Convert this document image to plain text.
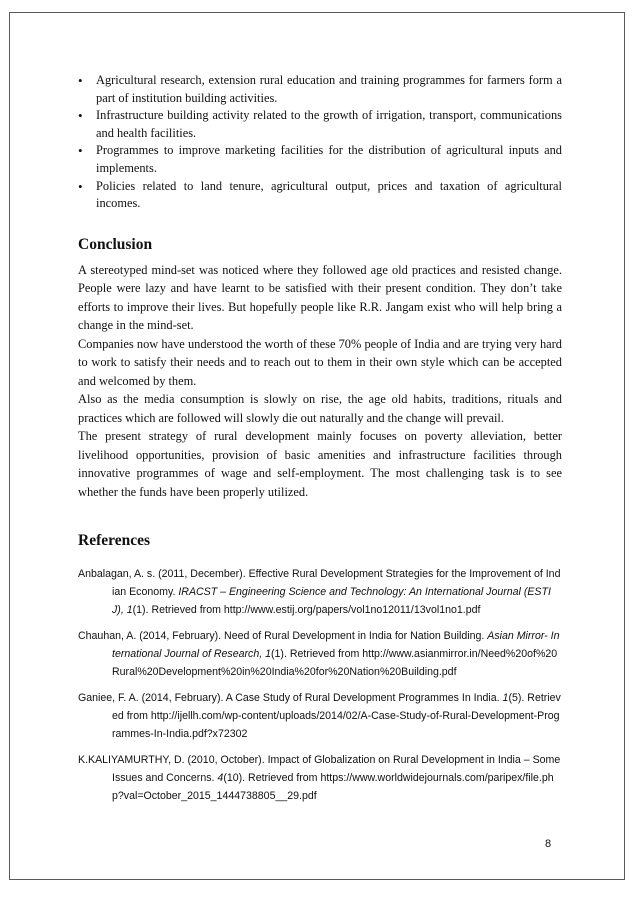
• Agricultural research, extension rural education and training programmes for farmers form a part of institution building activities.
• Infrastructure building activity related to the growth of irrigation, transport, communications and health facilities.
• Programmes to improve marketing facilities for the distribution of agricultural inputs and implements.
• Policies related to land tenure, agricultural output, prices and taxation of agricultural incomes.
Conclusion

A stereotyped mind-set was noticed where they followed age old practices and resisted change. People were lazy and have learnt to be satisfied with their present condition. They don’t take efforts to improve their lives. But hopefully people like R.R. Jangam exist who will help bring a change in the mind-set.

Companies now have understood the worth of these 70% people of India and are trying very hard to work to satisfy their needs and to reach out to them in their own style which can be accepted and welcomed by them.

Also as the media consumption is slowly on rise, the age old habits, traditions, rituals and practices which are followed will slowly die out naturally and the change will prevail.

The present strategy of rural development mainly focuses on poverty alleviation, better livelihood opportunities, provision of basic amenities and infrastructure facilities through innovative programmes of wage and self-employment. The most challenging task is to see whether the funds have been properly utilized.

References

Anbalagan, A. s. (2011, December). Effective Rural Development Strategies for the Improvement of Indian Economy. IRACST – Engineering Science and Technology: An International Journal (ESTIJ), 1(1). Retrieved from http://www.estij.org/papers/vol1no12011/13vol1no1.pdf

Chauhan, A. (2014, February). Need of Rural Development in India for Nation Building. Asian Mirror- International Journal of Research, 1(1). Retrieved from http://www.asianmirror.in/Need%20of%20Rural%20Development%20in%20India%20for%20Nation%20Building.pdf

Ganiee, F. A. (2014, February). A Case Study of Rural Development Programmes In India. 1(5). Retrieved from http://ijellh.com/wp-content/uploads/2014/02/A-Case-Study-of-Rural-Development-Programmes-In-India.pdf?x72302

K.KALIYAMURTHY, D. (2010, October). Impact of Globalization on Rural Development in India – Some Issues and Concerns. 4(10). Retrieved from https://www.worldwidejournals.com/paripex/file.php?val=October_2015_1444738805__29.pdf

8
